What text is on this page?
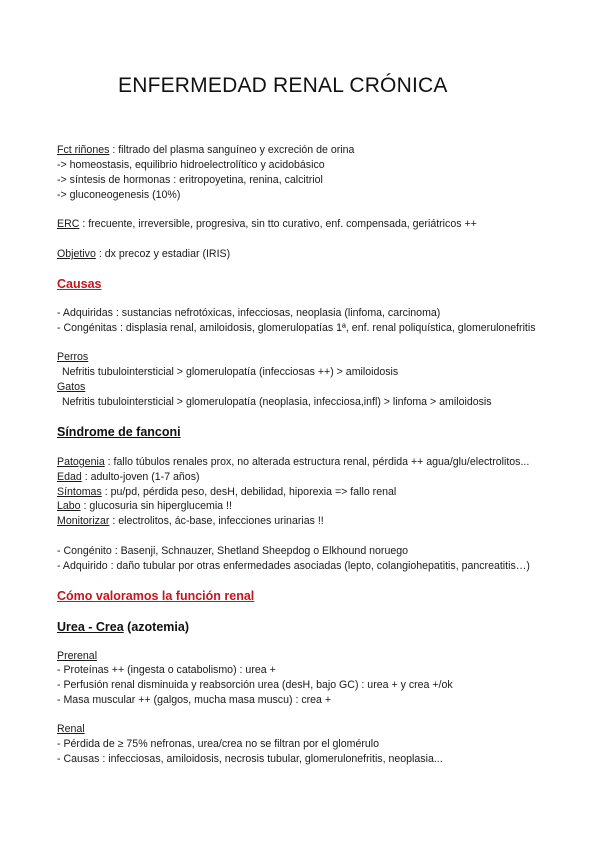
ENFERMEDAD RENAL CRÓNICA
Fct riñones : filtrado del plasma sanguíneo y excreción de orina
-> homeostasis, equilibrio hidroelectrolítico y acidobásico
-> síntesis de hormonas : eritropoyetina, renina, calcitriol
-> gluconeogenesis (10%)
ERC : frecuente, irreversible, progresiva, sin tto curativo, enf. compensada, geriátricos ++
Objetivo : dx precoz y estadiar (IRIS)
Causas
- Adquiridas : sustancias nefrotóxicas, infecciosas, neoplasia (linfoma, carcinoma)
- Congénitas : displasia renal, amiloidosis, glomerulopatías 1ª, enf. renal poliquística, glomerulonefritis
Perros
Nefritis tubulointersticial > glomerulopatía (infecciosas ++) > amiloidosis
Gatos
Nefritis tubulointersticial > glomerulopatía (neoplasia, infecciosa,infl) > linfoma > amiloidosis
Síndrome de fanconi
Patogenia : fallo túbulos renales prox, no alterada estructura renal, pérdida ++ agua/glu/electrolitos...
Edad : adulto-joven (1-7 años)
Síntomas : pu/pd, pérdida peso, desH, debilidad, hiporexia => fallo renal
Labo : glucosuria sin hiperglucemia !!
Monitorizar : electrolitos, ác-base, infecciones urinarias !!
- Congénito : Basenji, Schnauzer, Shetland Sheepdog o Elkhound noruego
- Adquirido : daño tubular por otras enfermedades asociadas (lepto, colangiohepatitis, pancreatitis…)
Cómo valoramos la función renal
Urea - Crea (azotemia)
Prerenal
- Proteínas ++ (ingesta o catabolismo) : urea +
- Perfusión renal disminuida y reabsorción urea (desH, bajo GC) : urea + y crea +/ok
- Masa muscular ++ (galgos, mucha masa muscu) : crea +
Renal
- Pérdida de ≥ 75% nefronas, urea/crea no se filtran por el glomérulo
- Causas : infecciosas, amiloidosis, necrosis tubular, glomerulonefritis, neoplasia...
